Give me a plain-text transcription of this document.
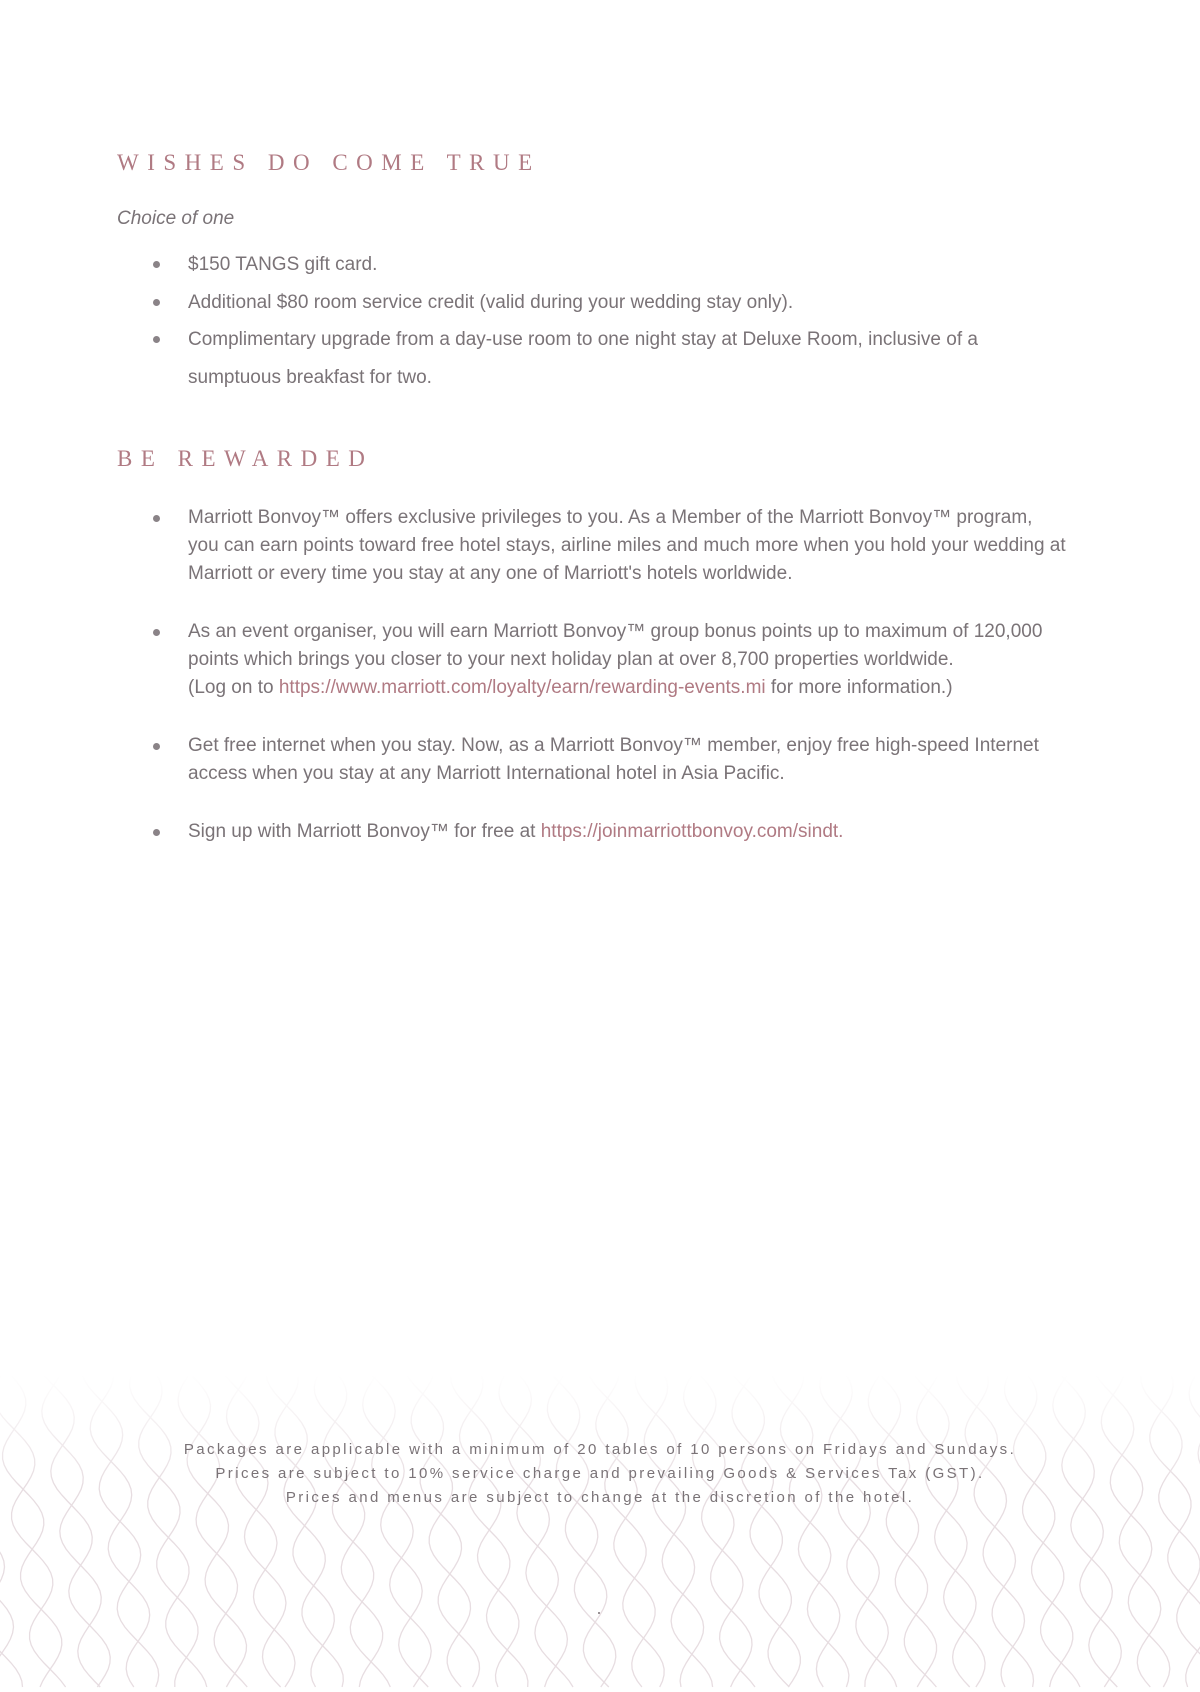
WISHES DO COME TRUE

Choice of one

$150 TANGS gift card.
Additional $80 room service credit (valid during your wedding stay only).
Complimentary upgrade from a day-use room to one night stay at Deluxe Room, inclusive of a
sumptuous breakfast for two.
BE REWARDED
Marriott Bonvoy™ offers exclusive privileges to you. As a Member of the Marriott Bonvoy™ program,
you can earn points toward free hotel stays, airline miles and much more when you hold your wedding at
Marriott or every time you stay at any one of Marriott's hotels worldwide.
As an event organiser, you will earn Marriott Bonvoy™ group bonus points up to maximum of 120,000
points which brings you closer to your next holiday plan at over 8,700 properties worldwide.
(Log on to https://www.marriott.com/loyalty/earn/rewarding-events.mi for more information.)
Get free internet when you stay. Now, as a Marriott Bonvoy™ member, enjoy free high-speed Internet
access when you stay at any Marriott International hotel in Asia Pacific.
Sign up with Marriott Bonvoy™ for free at https://joinmarriottbonvoy.com/sindt.
Packages are applicable with a minimum of 20 tables of 10 persons on Fridays and Sundays.
Prices are subject to 10% service charge and prevailing Goods & Services Tax (GST).
Prices and menus are subject to change at the discretion of the hotel.
